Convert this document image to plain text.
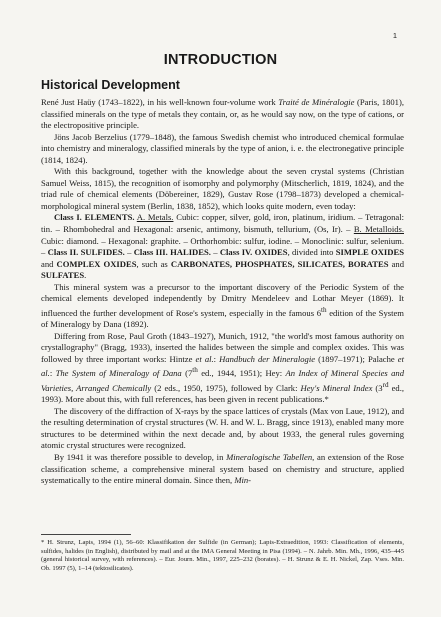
1
INTRODUCTION
Historical Development

René Just Haüy (1743–1822), in his well-known four-volume work Traité de Minéralogie (Paris, 1801), classified minerals on the type of metals they contain, or, as he would say now, on the type of cations, or the electropositive principle.

Jöns Jacob Berzelius (1779–1848), the famous Swedish chemist who introduced chemical formulae into chemistry and mineralogy, classified minerals by the type of anion, i. e. the electronegative principle (1814, 1824).

With this background, together with the knowledge about the seven crystal systems (Christian Samuel Weiss, 1815), the recognition of isomorphy and polymorphy (Mitscherlich, 1819, 1824), and the triad rule of chemical elements (Döbereiner, 1829), Gustav Rose (1798–1873) developed a chemical-morphological mineral system (Berlin, 1838, 1852), which looks quite modern, even today:

Class I. ELEMENTS. A. Metals. Cubic: copper, silver, gold, iron, platinum, iridium. – Tetragonal: tin. – Rhombohedral and Hexagonal: arsenic, antimony, bismuth, tellurium, (Os, Ir). – B. Metalloids. Cubic: diamond. – Hexagonal: graphite. – Orthorhombic: sulfur, iodine. – Monoclinic: sulfur, selenium. – Class II. SULFIDES. – Class III. HALIDES. – Class IV. OXIDES, divided into SIMPLE OXIDES and COMPLEX OXIDES, such as CARBONATES, PHOSPHATES, SILICATES, BORATES and SULFATES.

This mineral system was a precursor to the important discovery of the Periodic System of the chemical elements developed independently by Dmitry Mendeleev and Lothar Meyer (1869). It influenced the further development of Rose's system, especially in the famous 6th edition of the System of Mineralogy by Dana (1892).

Differing from Rose, Paul Groth (1843–1927), Munich, 1912, "the world's most famous authority on crystallography" (Bragg, 1933), inserted the halides between the simple and complex oxides. This was followed by three important works: Hintze et al.: Handbuch der Mineralogie (1897–1971); Palache et al.: The System of Mineralogy of Dana (7th ed., 1944, 1951); Hey: An Index of Mineral Species and Varieties, Arranged Chemically (2 eds., 1950, 1975), followed by Clark: Hey's Mineral Index (3rd ed., 1993). More about this, with full references, has been given in recent publications.*

The discovery of the diffraction of X-rays by the space lattices of crystals (Max von Laue, 1912), and the resulting determination of crystal structures (W. H. and W. L. Bragg, since 1913), enabled many more structures to be determined within the next decade and, by about 1933, the general rules governing atomic crystal structures were recognized.

By 1941 it was therefore possible to develop, in Mineralogische Tabellen, an extension of the Rose classification scheme, a comprehensive mineral system based on chemistry and structure, applied systematically to the entire mineral domain. Since then, Min-

* H. Strunz, Lapis, 1994 (1), 56–60: Klassifikation der Sulfide (in German); Lapis-Extraedition, 1993: Classification of elements, sulfides, halides (in English), distributed by mail and at the IMA General Meeting in Pisa (1994). – N. Jahrb. Min. Mh., 1996, 435–445 (general historical survey, with references). – Eur. Journ. Min., 1997, 225–232 (borates). – H. Strunz & E. H. Nickel, Zap. Vses. Min. Ob. 1997 (5), 1–14 (tektosilicates).
